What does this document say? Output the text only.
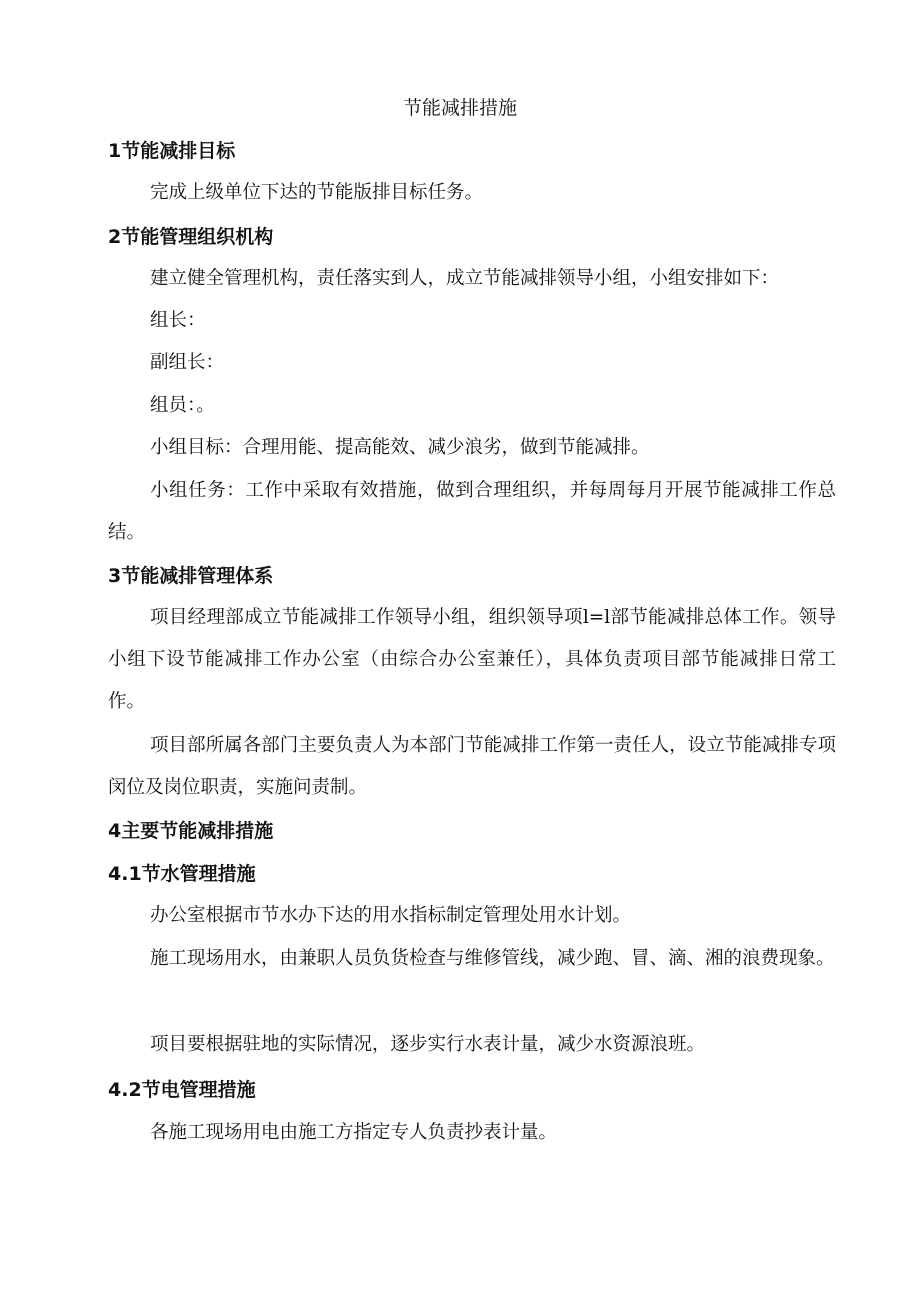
节能减排措施
1节能减排目标

完成上级单位下达的节能版排目标任务。

2节能管理组织机构

建立健全管理机构，责任落实到人，成立节能减排领导小组，小组安排如下：

组长：

副组长：

组员：。

小组目标：合理用能、提高能效、减少浪劣，做到节能减排。

小组任务：工作中采取有效措施，做到合理组织，并每周每月开展节能减排工作总结。

3节能减排管理体系

项目经理部成立节能减排工作领导小组，组织领导项l=l部节能减排总体工作。领导小组下设节能减排工作办公室（由综合办公室兼任），具体负责项目部节能减排日常工作。

项目部所属各部门主要负责人为本部门节能减排工作第一责任人，设立节能减排专项闵位及岗位职责，实施问责制。

4主要节能减排措施
4.1节水管理措施

办公室根据市节水办下达的用水指标制定管理处用水计划。

施工现场用水，由兼职人员负货检查与维修管线，减少跑、冒、滴、湘的浪费现象。

项目要根据驻地的实际情况，逐步实行水表计量，减少水资源浪班。

4.2节电管理措施

各施工现场用电由施工方指定专人负责抄表计量。
